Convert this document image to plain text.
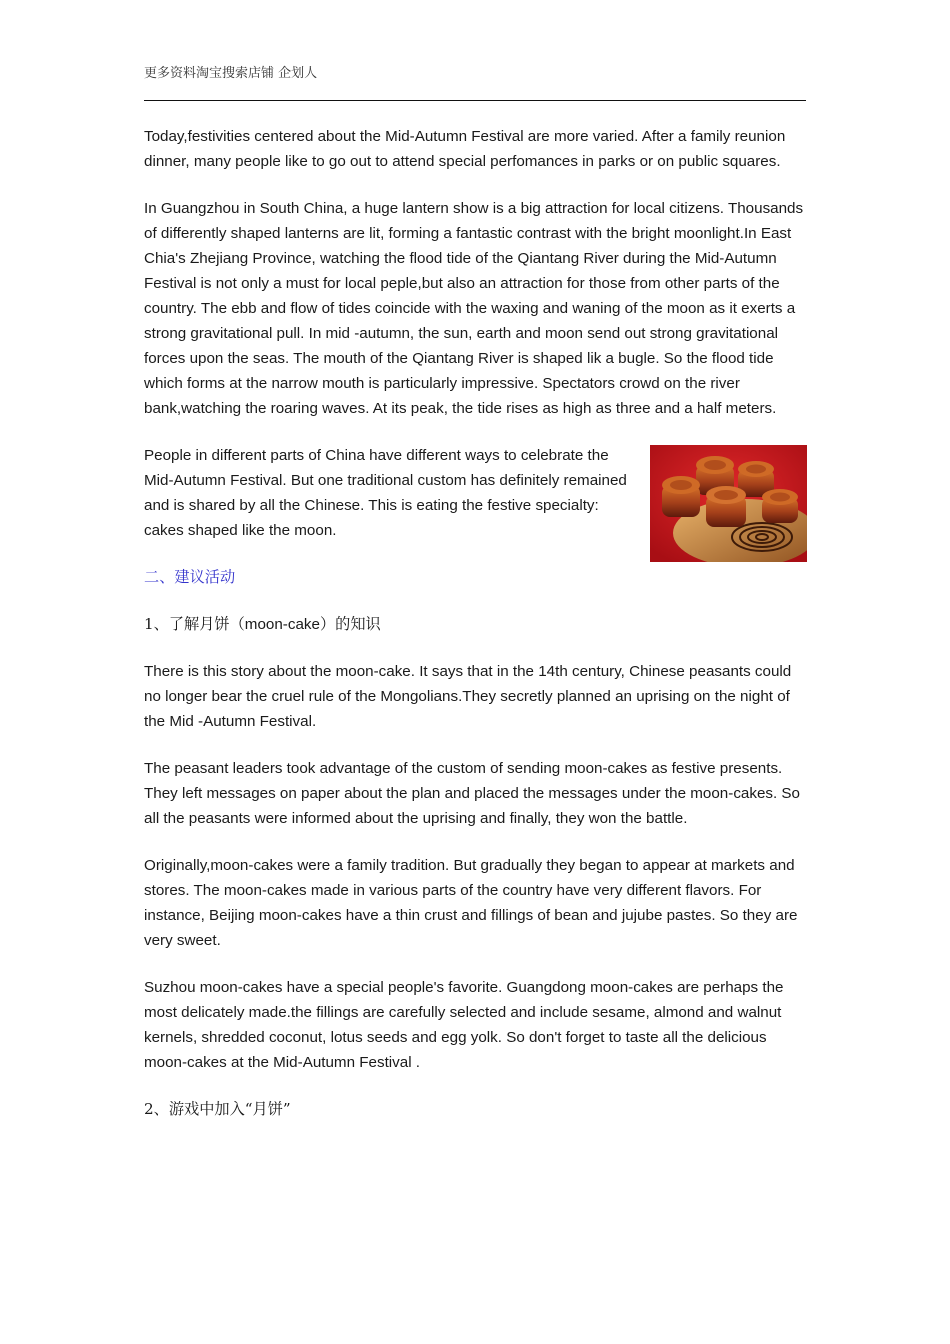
更多资料淘宝搜索店铺 企划人

Today,festivities centered about the Mid-Autumn Festival are more varied. After a family reunion dinner, many people like to go out to attend special perfomances in parks or on public squares.

In Guangzhou in South China, a huge lantern show is a big attraction for local citizens. Thousands of differently shaped lanterns are lit, forming a fantastic contrast with the bright moonlight.In East Chia's Zhejiang Province, watching the flood tide of the Qiantang River during the Mid-Autumn Festival is not only a must for local peple,but also an attraction for those from other parts of the country. The ebb and flow of tides coincide with the waxing and waning of the moon as it exerts a strong gravitational pull. In mid -autumn, the sun, earth and moon send out strong gravitational forces upon the seas. The mouth of the Qiantang River is shaped lik a bugle. So the flood tide which forms at the narrow mouth is particularly impressive. Spectators crowd on the river bank,watching the roaring waves. At its peak, the tide rises as high as three and a half meters.

People in different parts of China have different ways to celebrate the Mid-Autumn Festival. But one traditional custom has definitely remained and is shared by all the Chinese. This is eating the festive specialty: cakes shaped like the moon.

二、建议活动

1、了解月饼（moon-cake）的知识

There is this story about the moon-cake. It says that in the 14th century, Chinese peasants could no longer bear the cruel rule of the Mongolians.They secretly planned an uprising on the night of the Mid -Autumn Festival.

The peasant leaders took advantage of the custom of sending moon-cakes as festive presents. They left messages on paper about the plan and placed the messages under the moon-cakes. So all the peasants were informed about the uprising and finally, they won the battle.

Originally,moon-cakes were a family tradition. But gradually they began to appear at markets and stores. The moon-cakes made in various parts of the country have very different flavors. For instance, Beijing moon-cakes have a thin crust and fillings of bean and jujube pastes. So they are very sweet.

Suzhou moon-cakes have a special people's favorite. Guangdong moon-cakes are perhaps the most delicately made.the fillings are carefully selected and include sesame, almond and walnut kernels, shredded coconut, lotus seeds and egg yolk. So don't forget to taste all the delicious moon-cakes at the Mid-Autumn Festival .

2、游戏中加入“月饼”
